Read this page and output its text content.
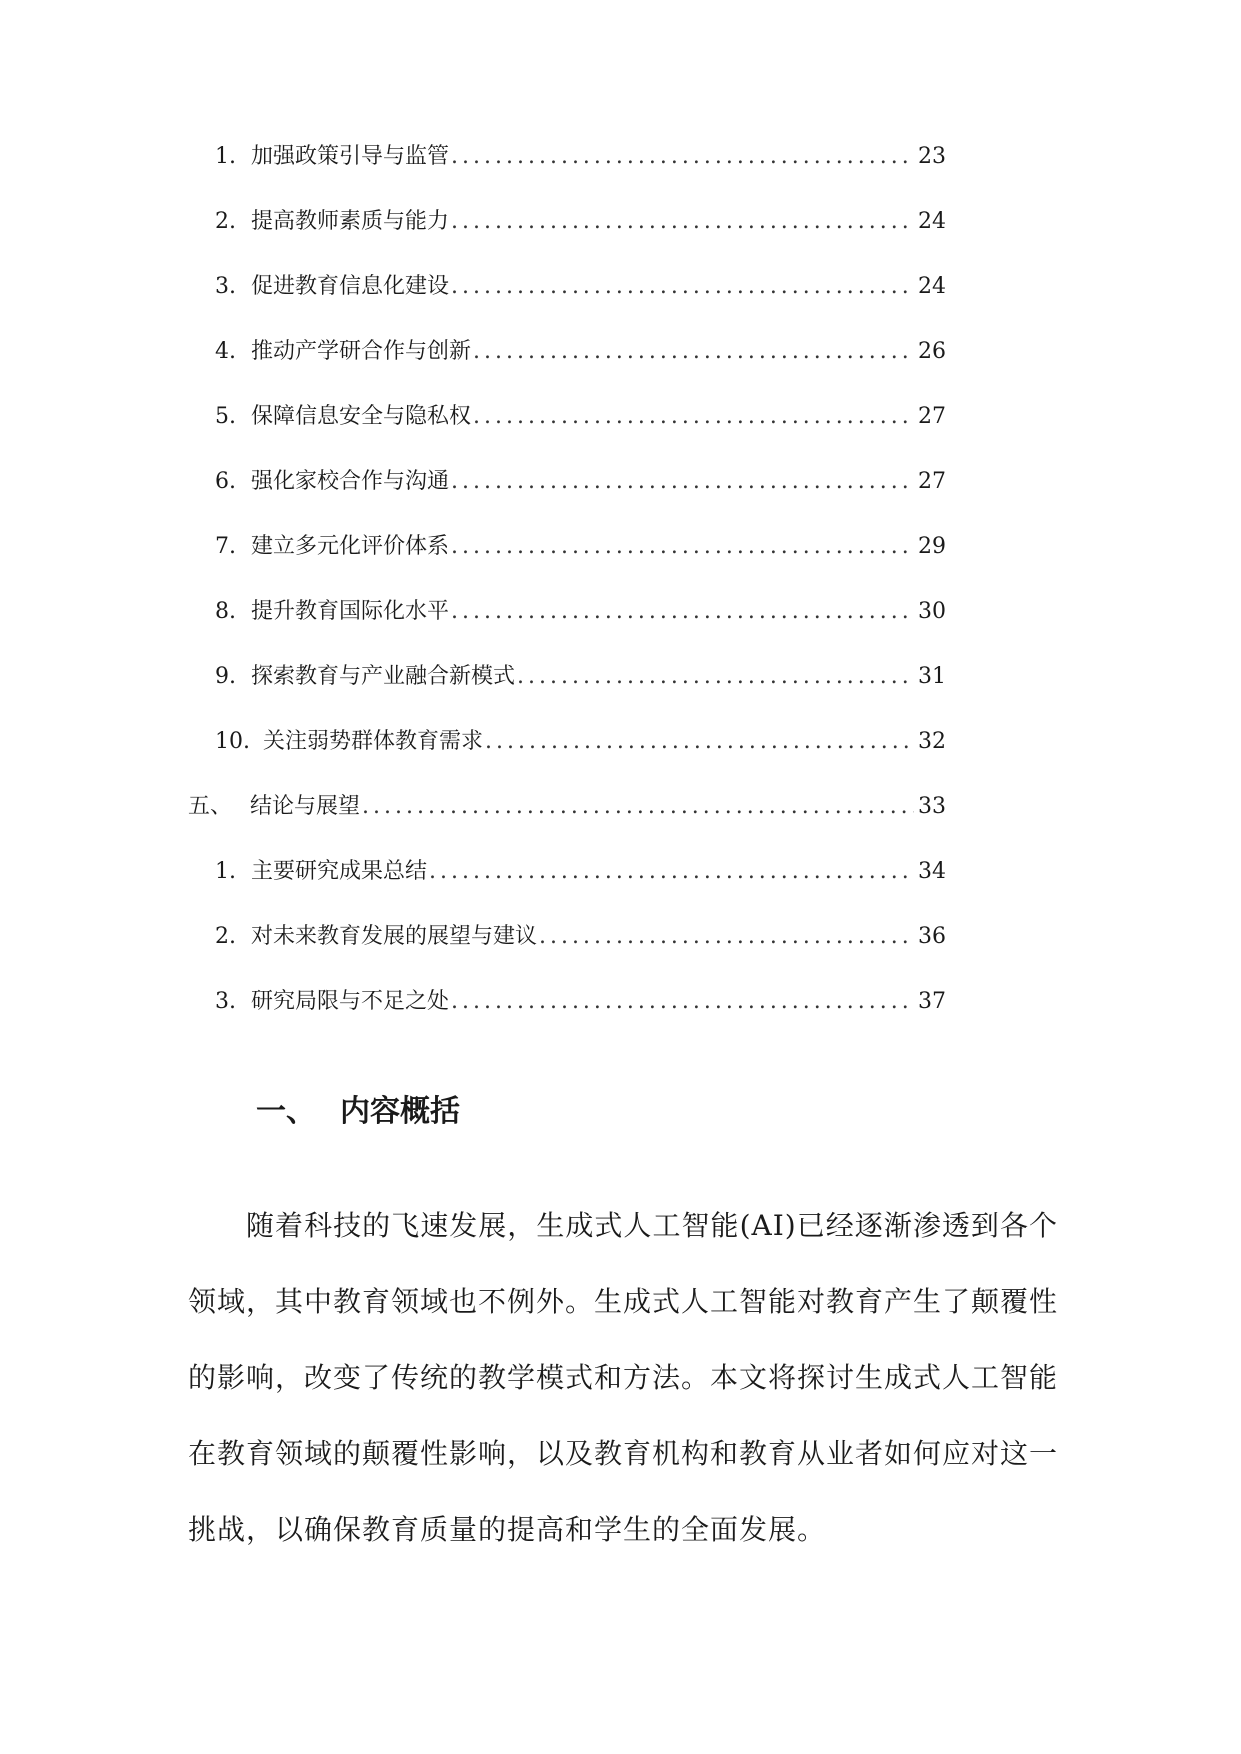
1. 加强政策引导与监管 .....	23
2. 提高教师素质与能力 .....	24
3. 促进教育信息化建设 .....	24
4. 推动产学研合作与创新 .....	26
5. 保障信息安全与隐私权 .....	27
6. 强化家校合作与沟通 .....	27
7. 建立多元化评价体系 .....	29
8. 提升教育国际化水平 .....	30
9. 探索教育与产业融合新模式 .....	31
10. 关注弱势群体教育需求 .....	32
五、 结论与展望 .....	33
1. 主要研究成果总结 .....	34
2. 对未来教育发展的展望与建议 .....	36
3. 研究局限与不足之处 .....	37
一、 内容概括

随着科技的飞速发展，生成式人工智能(AI)已经逐渐渗透到各个领域，其中教育领域也不例外。生成式人工智能对教育产生了颠覆性的影响，改变了传统的教学模式和方法。本文将探讨生成式人工智能在教育领域的颠覆性影响，以及教育机构和教育从业者如何应对这一挑战，以确保教育质量的提高和学生的全面发展。
